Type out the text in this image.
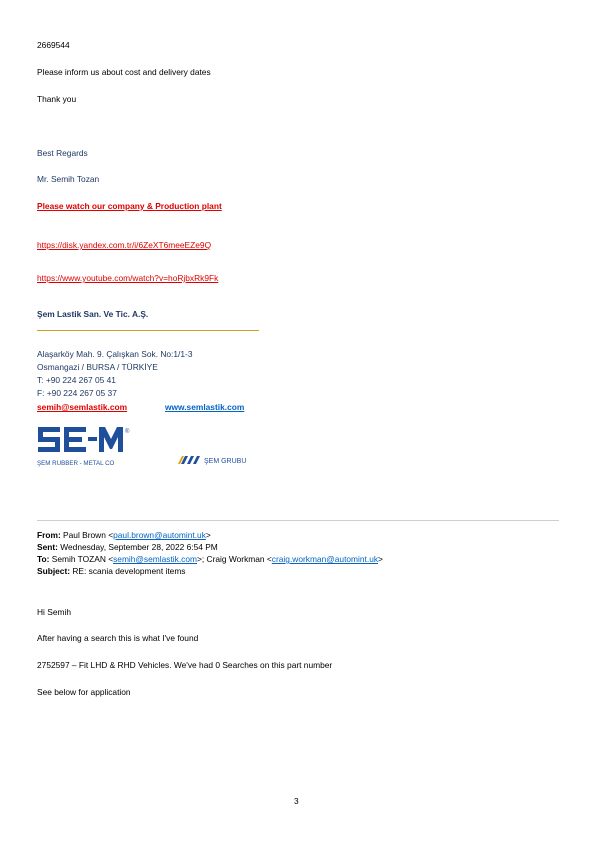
2669544
Please inform us about cost and delivery dates
Thank you
Best Regards
Mr. Semih Tozan
Please watch our company & Production plant
https://disk.yandex.com.tr/i/6ZeXT6meeEZe9Q
https://www.youtube.com/watch?v=hoRjbxRk9Fk
Şem Lastik San. Ve Tic. A.Ş.
Alaşarköy Mah. 9. Çalışkan Sok. No:1/1-3
Osmangazi / BURSA / TÜRKİYE
T: +90 224 267 05 41
F: +90 224 267 05 37
semih@semlastik.com	www.semlastik.com
®
ŞEM RUBBER - METAL CO	ŞEM GRUBU
From: Paul Brown <paul.brown@automint.uk>
Sent: Wednesday, September 28, 2022 6:54 PM
To: Semih TOZAN <semih@semlastik.com>; Craig Workman <craig.workman@automint.uk>
Subject: RE: scania development items
Hi Semih
After having a search this is what I've found
2752597 – Fit LHD & RHD Vehicles. We've had 0 Searches on this part number
See below for application
3
